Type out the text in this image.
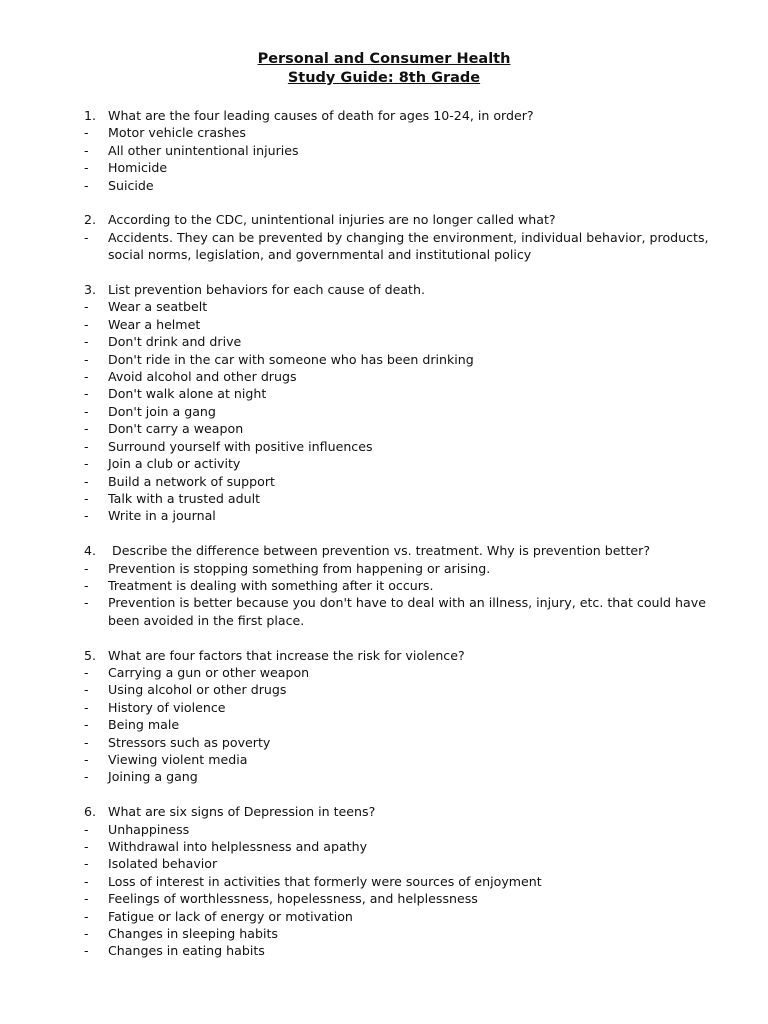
Personal and Consumer Health
Study Guide: 8th Grade
1. What are the four leading causes of death for ages 10-24, in order?
-	Motor vehicle crashes
-	All other unintentional injuries
-	Homicide
-	Suicide
2. According to the CDC, unintentional injuries are no longer called what?
-	Accidents. They can be prevented by changing the environment, individual behavior, products, social norms, legislation, and governmental and institutional policy
3. List prevention behaviors for each cause of death.
-	Wear a seatbelt
-	Wear a helmet
-	Don't drink and drive
-	Don't ride in the car with someone who has been drinking
-	Avoid alcohol and other drugs
-	Don't walk alone at night
-	Don't join a gang
-	Don't carry a weapon
-	Surround yourself with positive influences
-	Join a club or activity
-	Build a network of support
-	Talk with a trusted adult
-	Write in a journal
4. Describe the difference between prevention vs. treatment. Why is prevention better?
-	Prevention is stopping something from happening or arising.
-	Treatment is dealing with something after it occurs.
-	Prevention is better because you don't have to deal with an illness, injury, etc. that could have been avoided in the first place.
5. What are four factors that increase the risk for violence?
-	Carrying a gun or other weapon
-	Using alcohol or other drugs
-	History of violence
-	Being male
-	Stressors such as poverty
-	Viewing violent media
-	Joining a gang
6. What are six signs of Depression in teens?
-	Unhappiness
-	Withdrawal into helplessness and apathy
-	Isolated behavior
-	Loss of interest in activities that formerly were sources of enjoyment
-	Feelings of worthlessness, hopelessness, and helplessness
-	Fatigue or lack of energy or motivation
-	Changes in sleeping habits
-	Changes in eating habits
